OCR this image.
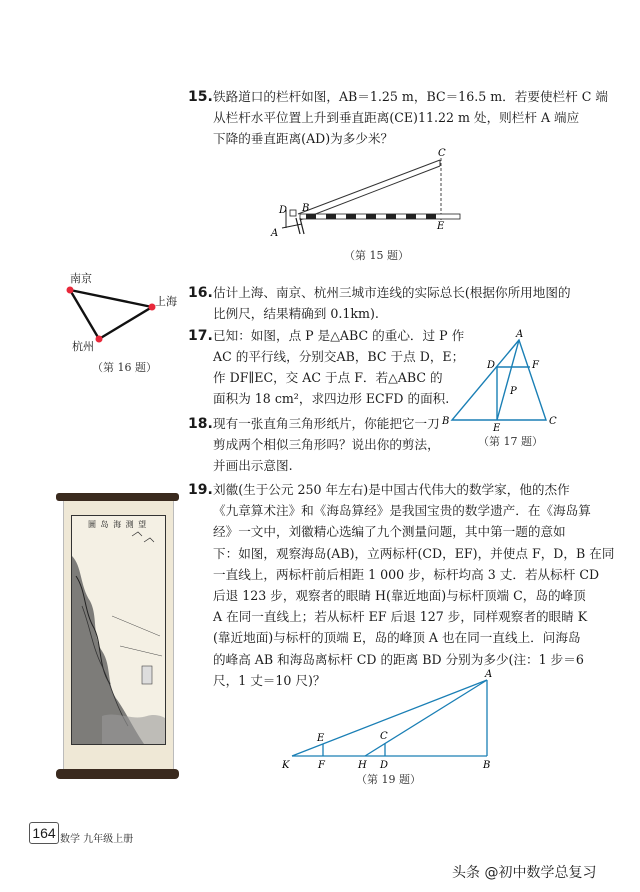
15. 铁路道口的栏杆如图，AB＝1.25 m，BC＝16.5 m．若要使栏杆 C 端
从栏杆水平位置上升到垂直距离(CE)11.22 m 处，则栏杆 A 端应
下降的垂直距离(AD)为多少米？
C
D B
A
E
（第 15 题）
南京
上海
杭州
（第 16 题）
16. 估计上海、南京、杭州三城市连线的实际总长(根据你所用地图的
比例尺，结果精确到 0.1km).
17. 已知：如图，点 P 是△ABC 的重心．过 P 作
AC 的平行线，分别交AB，BC 于点 D，E；
作 DF∥EC，交 AC 于点 F．若△ABC 的
面积为 18 cm²，求四边形 ECFD 的面积.
A
D	F
P
B
E
C
（第 17 题）
18. 现有一张直角三角形纸片，你能把它一刀
剪成两个相似三角形吗？说出你的剪法，
并画出示意图.
圖 岛 海 測 望
19. 刘徽(生于公元 250 年左右)是中国古代伟大的数学家，他的杰作
《九章算术注》和《海岛算经》是我国宝贵的数学遗产．在《海岛算
经》一文中，刘徽精心选编了九个测量问题，其中第一题的意如
下：如图，观察海岛(AB)，立两标杆(CD，EF)，并使点 F，D，B 在同
一直线上，两标杆前后相距 1 000 步，标杆均高 3 丈．若从标杆 CD
后退 123 步，观察者的眼睛 H(靠近地面)与标杆顶端 C，岛的峰顶
A 在同一直线上；若从标杆 EF 后退 127 步，同样观察者的眼睛 K
(靠近地面)与标杆的顶端 E，岛的峰顶 A 也在同一直线上．问海岛
的峰高 AB 和海岛离标杆 CD 的距离 BD 分别为多少(注：1 步＝6
尺，1 丈＝10 尺)？	A
E	C
K	F	H D	B
（第 19 题）
164 数学 九年级上册
头条 @初中数学总复习
